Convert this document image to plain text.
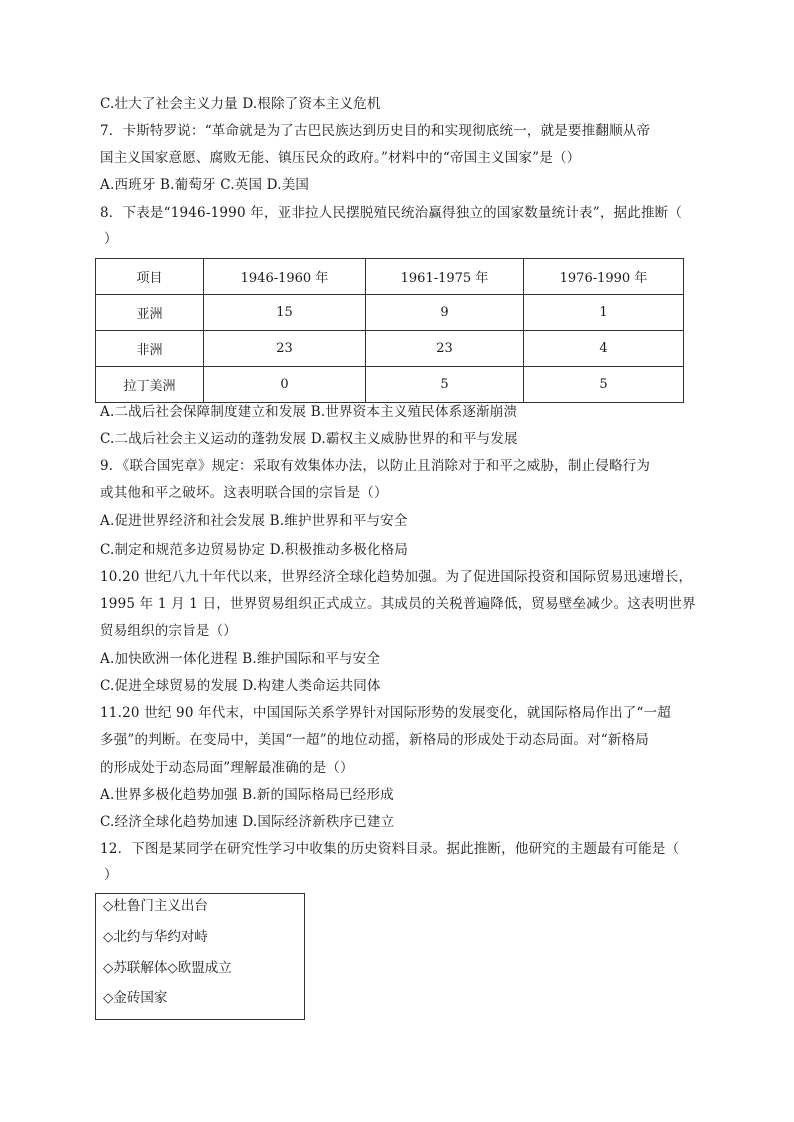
C.壮大了社会主义力量 D.根除了资本主义危机
7．卡斯特罗说：“革命就是为了古巴民族达到历史目的和实现彻底统一，就是要推翻顺从帝
国主义国家意愿、腐败无能、镇压民众的政府。”材料中的“帝国主义国家”是（）
A.西班牙 B.葡萄牙 C.英国 D.美国
8．下表是“1946-1990 年，亚非拉人民摆脱殖民统治赢得独立的国家数量统计表”，据此推断（
）
项目	1946-1960 年	1961-1975 年	1976-1990 年
亚洲	15	9	1
非洲	23	23	4
拉丁美洲	0	5	5
A.二战后社会保障制度建立和发展 B.世界资本主义殖民体系逐渐崩溃
C.二战后社会主义运动的蓬勃发展 D.霸权主义威胁世界的和平与发展
9．《联合国宪章》规定：采取有效集体办法，以防止且消除对于和平之威胁，制止侵略行为
或其他和平之破坏。这表明联合国的宗旨是（）
A.促进世界经济和社会发展 B.维护世界和平与安全
C.制定和规范多边贸易协定 D.积极推动多极化格局
10.20 世纪八九十年代以来，世界经济全球化趋势加强。为了促进国际投资和国际贸易迅速增长，
1995 年 1 月 1 日，世界贸易组织正式成立。其成员的关税普遍降低，贸易壁垒减少。这表明世界
贸易组织的宗旨是（）
A.加快欧洲一体化进程 B.维护国际和平与安全
C.促进全球贸易的发展 D.构建人类命运共同体
11.20 世纪 90 年代末，中国国际关系学界针对国际形势的发展变化，就国际格局作出了“一超
多强”的判断。在变局中，美国“一超”的地位动摇，新格局的形成处于动态局面。对“新格局
的形成处于动态局面”理解最准确的是（）
A.世界多极化趋势加强 B.新的国际格局已经形成
C.经济全球化趋势加速 D.国际经济新秩序已建立
12．下图是某同学在研究性学习中收集的历史资料目录。据此推断，他研究的主题最有可能是（
）
◇杜鲁门主义出台
◇北约与华约对峙
◇苏联解体◇欧盟成立
◇金砖国家
